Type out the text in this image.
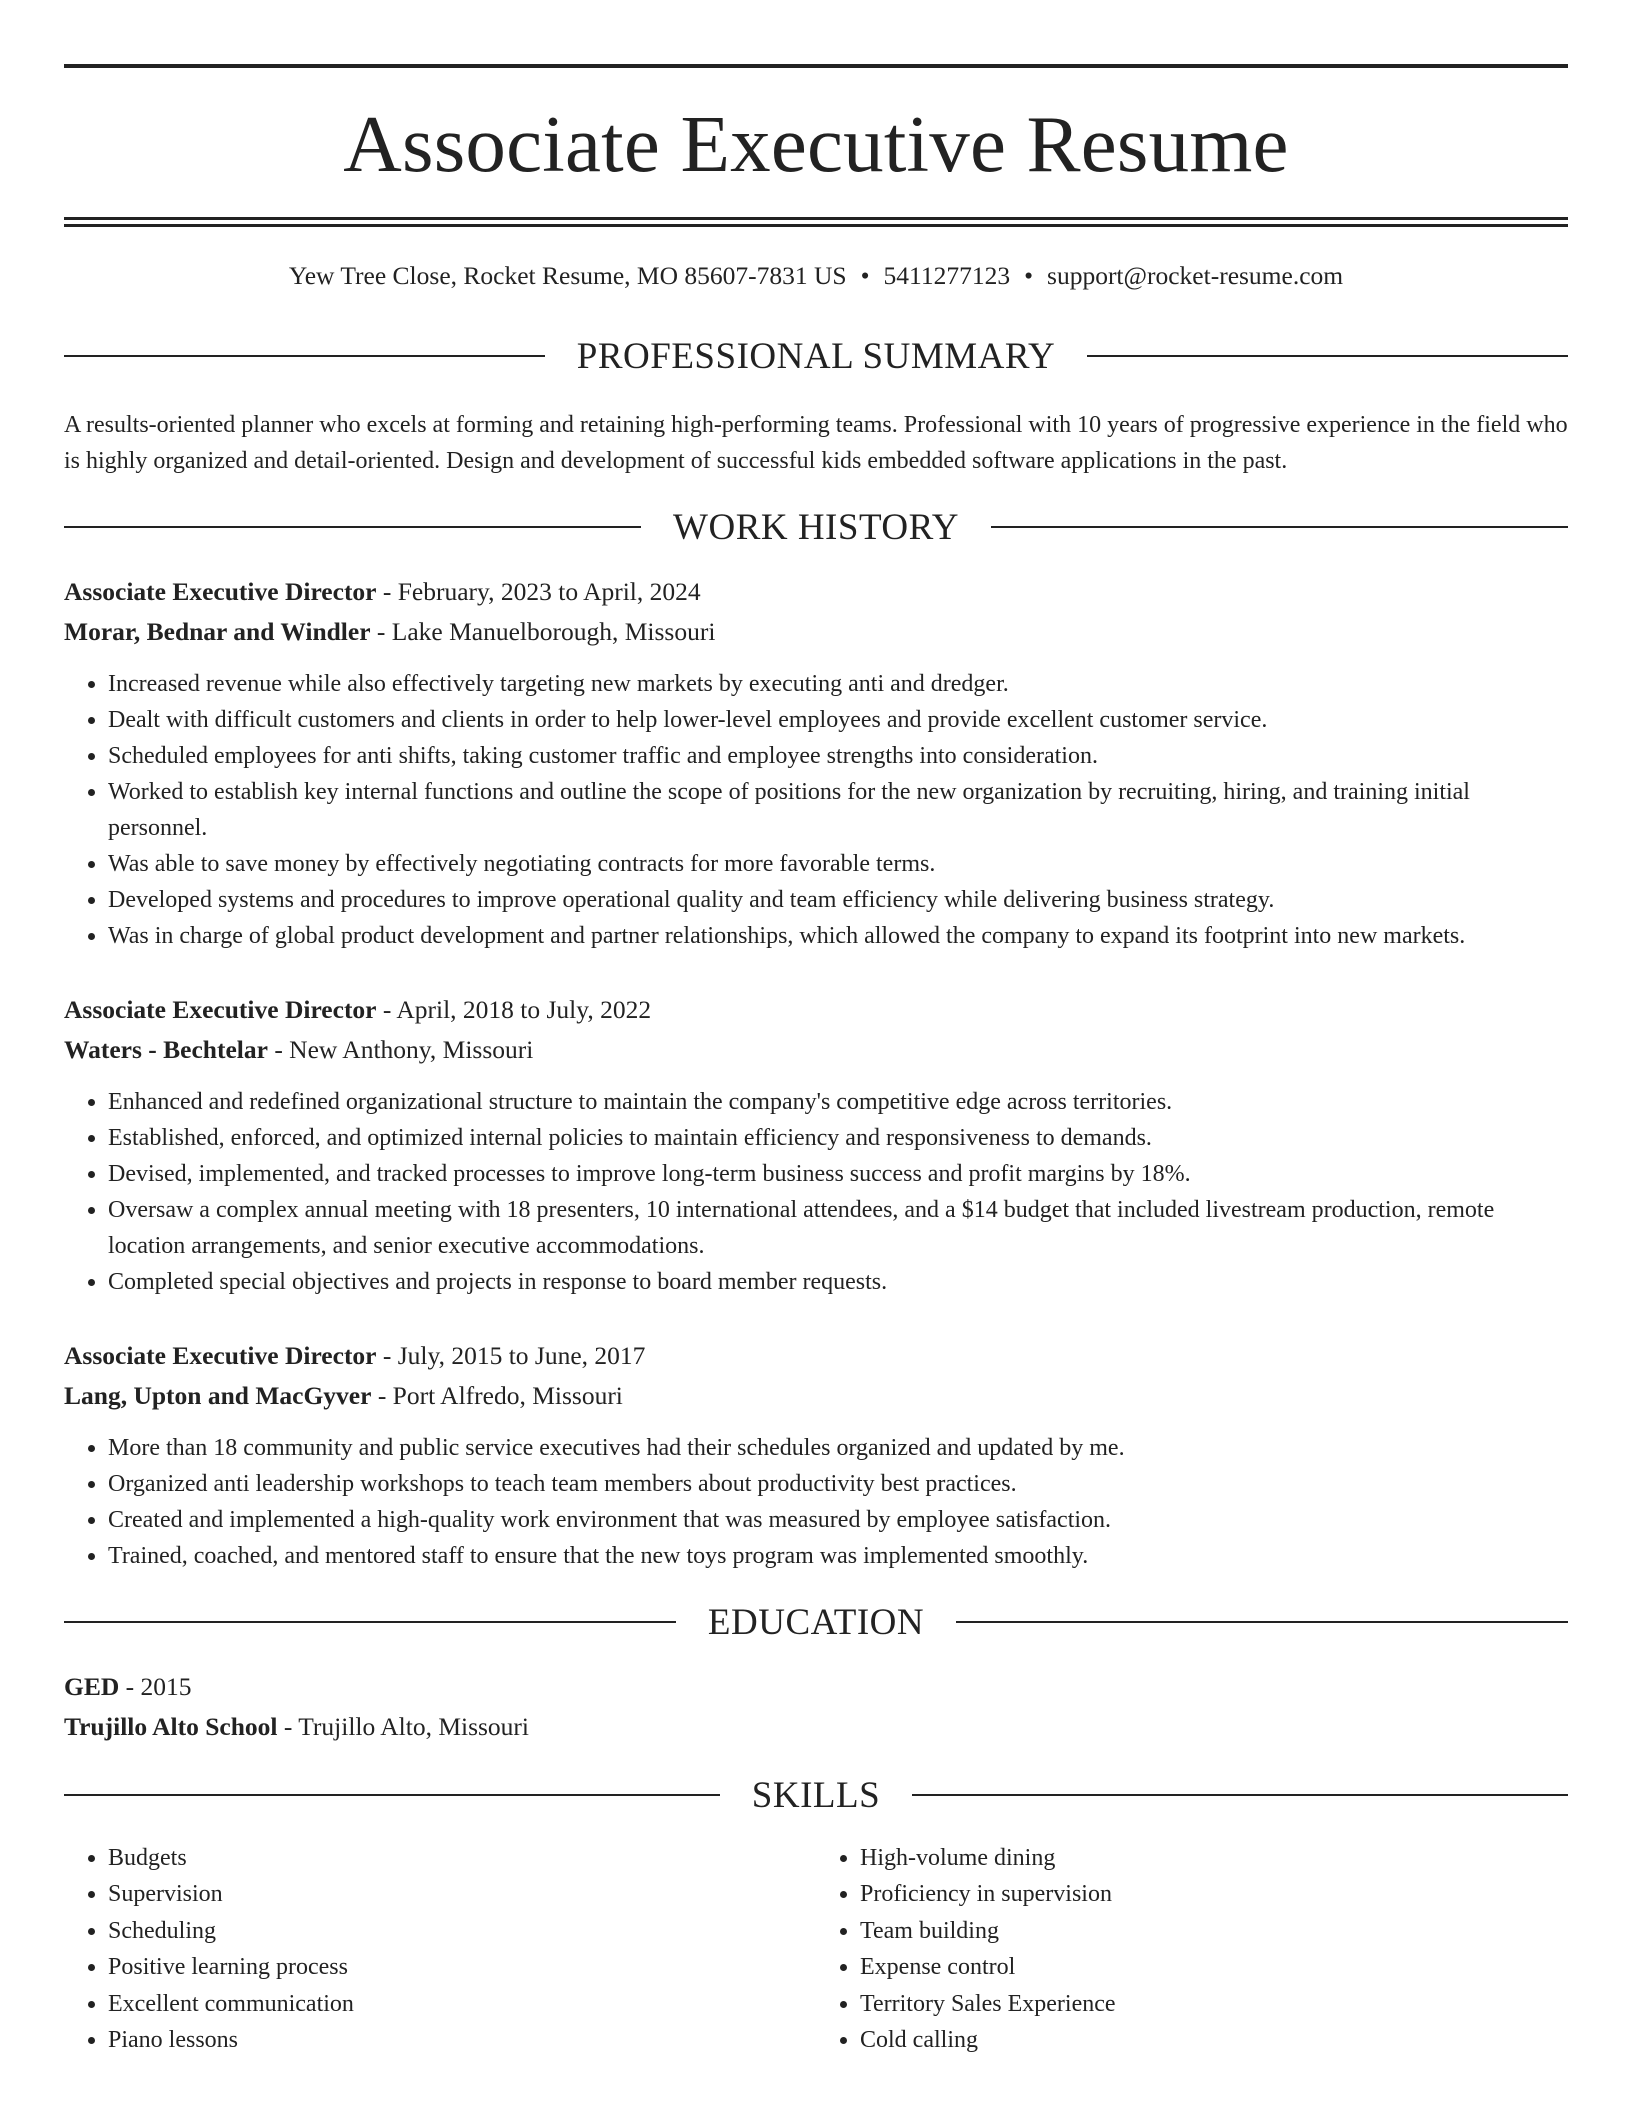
Associate Executive Resume
Yew Tree Close, Rocket Resume, MO 85607-7831 US • 5411277123 • support@rocket-resume.com
PROFESSIONAL SUMMARY

A results-oriented planner who excels at forming and retaining high-performing teams. Professional with 10 years of progressive experience in the field who is highly organized and detail-oriented. Design and development of successful kids embedded software applications in the past.

WORK HISTORY
Associate Executive Director - February, 2023 to April, 2024
Morar, Bednar and Windler - Lake Manuelborough, Missouri
• Increased revenue while also effectively targeting new markets by executing anti and dredger.
• Dealt with difficult customers and clients in order to help lower-level employees and provide excellent customer service.
• Scheduled employees for anti shifts, taking customer traffic and employee strengths into consideration.
• Worked to establish key internal functions and outline the scope of positions for the new organization by recruiting, hiring, and training initial personnel.
• Was able to save money by effectively negotiating contracts for more favorable terms.
• Developed systems and procedures to improve operational quality and team efficiency while delivering business strategy.
• Was in charge of global product development and partner relationships, which allowed the company to expand its footprint into new markets.
Associate Executive Director - April, 2018 to July, 2022
Waters - Bechtelar - New Anthony, Missouri
• Enhanced and redefined organizational structure to maintain the company's competitive edge across territories.
• Established, enforced, and optimized internal policies to maintain efficiency and responsiveness to demands.
• Devised, implemented, and tracked processes to improve long-term business success and profit margins by 18%.
• Oversaw a complex annual meeting with 18 presenters, 10 international attendees, and a $14 budget that included livestream production, remote location arrangements, and senior executive accommodations.
• Completed special objectives and projects in response to board member requests.
Associate Executive Director - July, 2015 to June, 2017
Lang, Upton and MacGyver - Port Alfredo, Missouri
• More than 18 community and public service executives had their schedules organized and updated by me.
• Organized anti leadership workshops to teach team members about productivity best practices.
• Created and implemented a high-quality work environment that was measured by employee satisfaction.
• Trained, coached, and mentored staff to ensure that the new toys program was implemented smoothly.
EDUCATION
GED - 2015
Trujillo Alto School - Trujillo Alto, Missouri
SKILLS
• Budgets
• Supervision
• Scheduling
• Positive learning process
• Excellent communication
• Piano lessons
• High-volume dining
• Proficiency in supervision
• Team building
• Expense control
• Territory Sales Experience
• Cold calling
